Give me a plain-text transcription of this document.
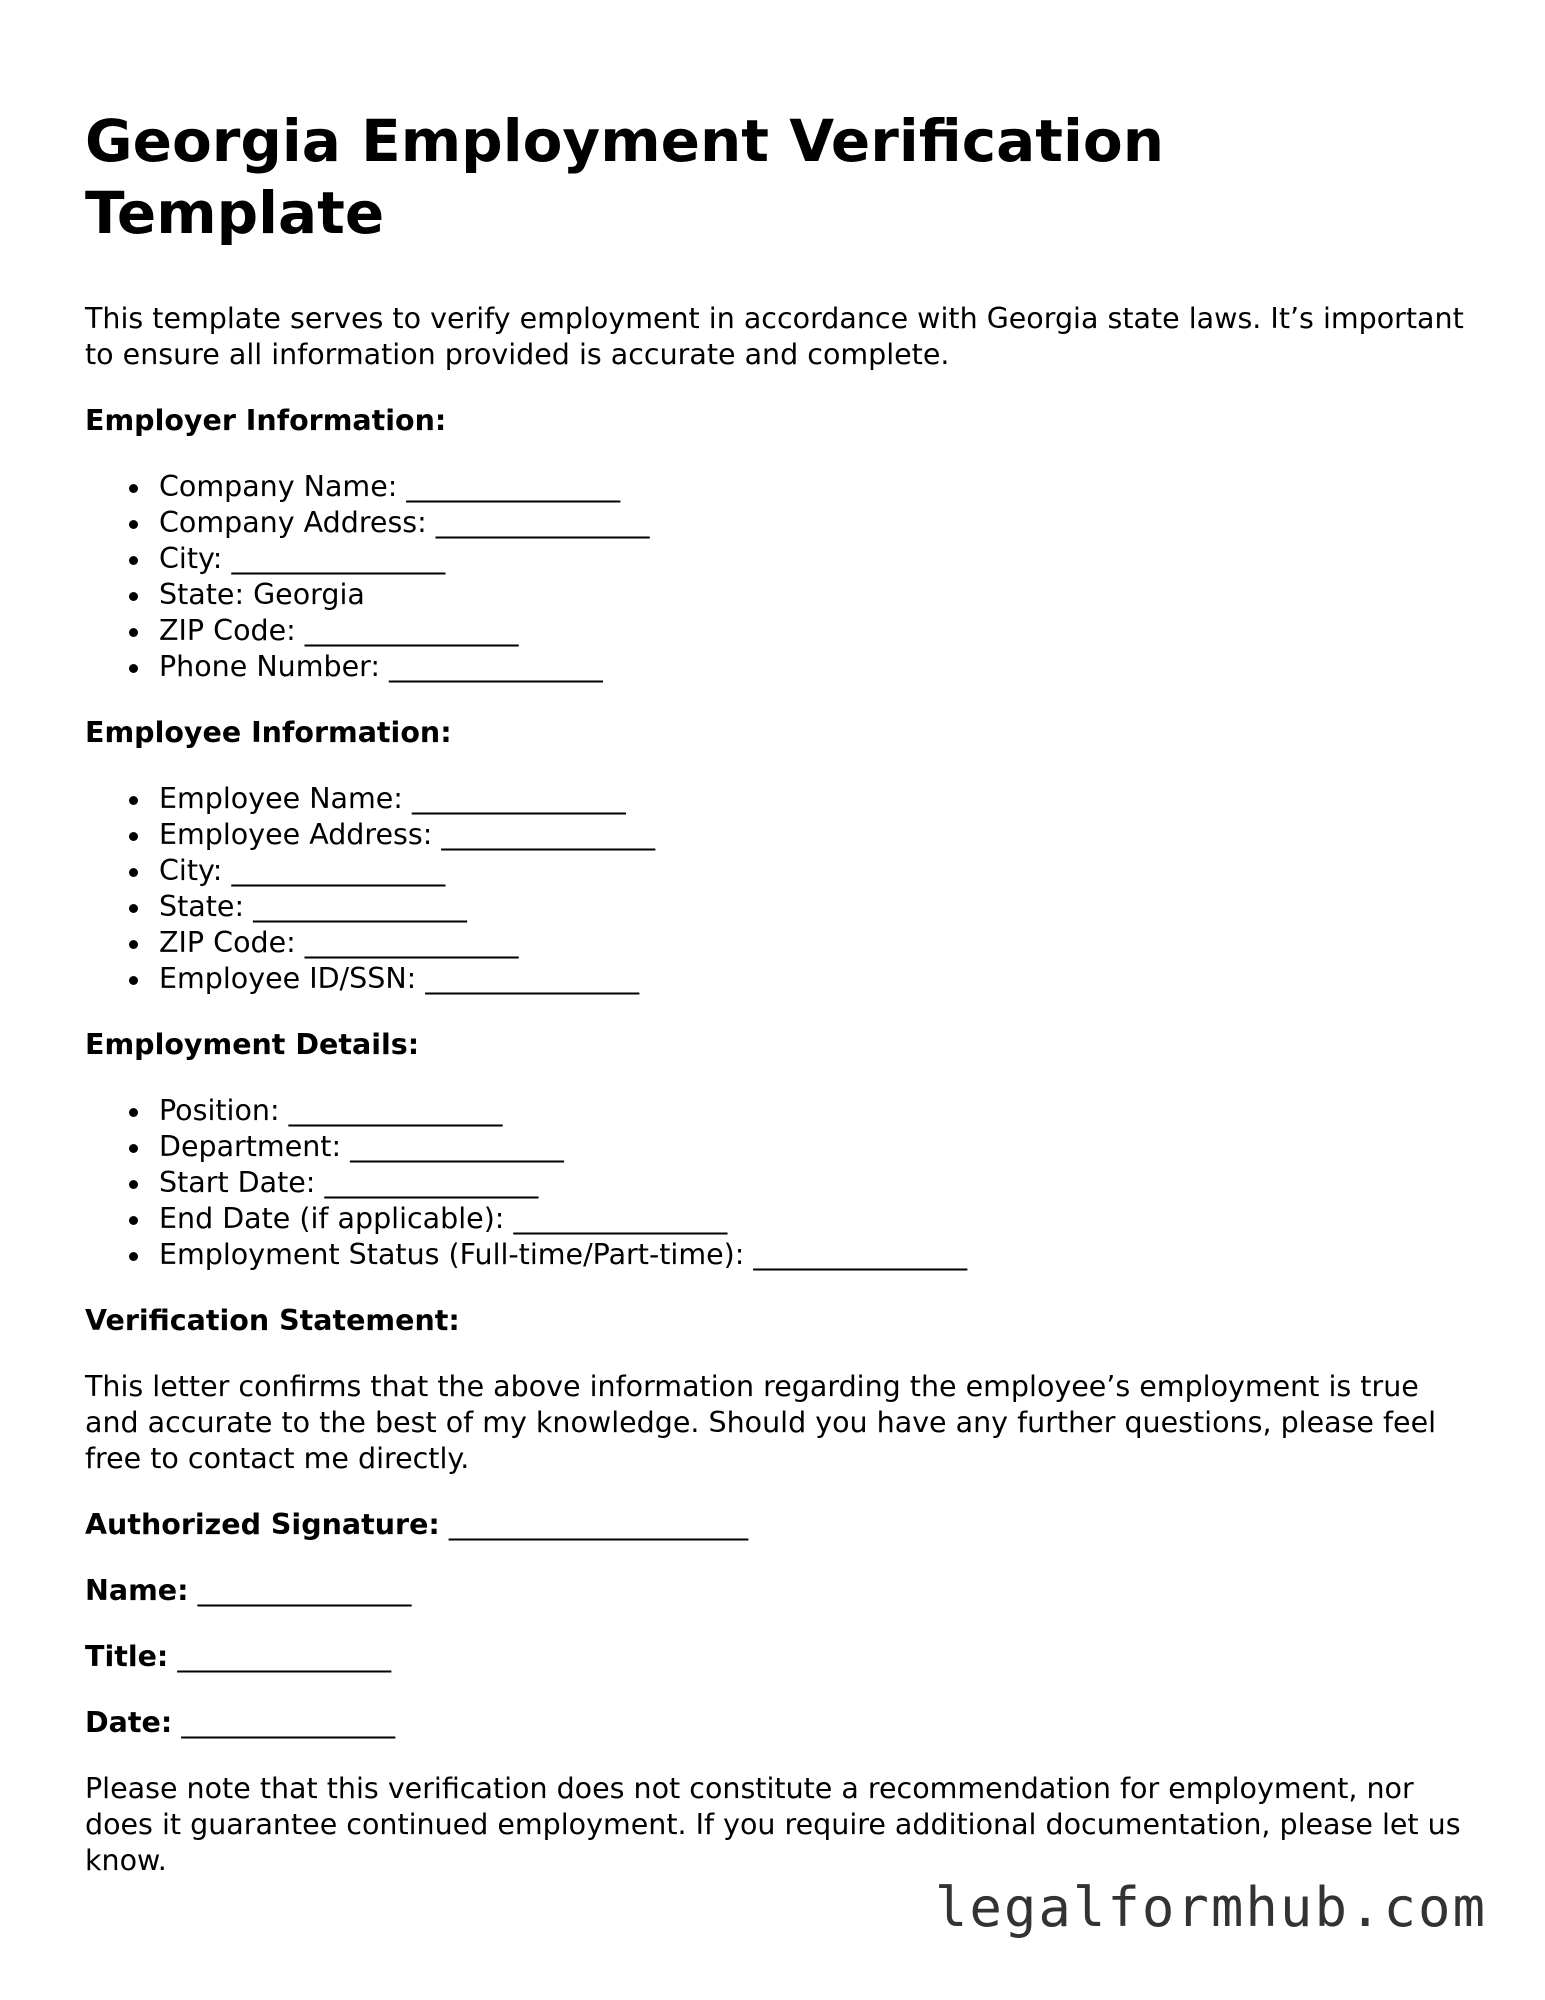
Georgia Employment Verification Template

This template serves to verify employment in accordance with Georgia state laws. It’s important to ensure all information provided is accurate and complete.

Employer Information:
Company Name: _______________
Company Address: _______________
City: _______________
State: Georgia
ZIP Code: _______________
Phone Number: _______________
Employee Information:
Employee Name: _______________
Employee Address: _______________
City: _______________
State: _______________
ZIP Code: _______________
Employee ID/SSN: _______________
Employment Details:
Position: _______________
Department: _______________
Start Date: _______________
End Date (if applicable): _______________
Employment Status (Full-time/Part-time): _______________
Verification Statement:

This letter confirms that the above information regarding the employee’s employment is true and accurate to the best of my knowledge. Should you have any further questions, please feel free to contact me directly.

Authorized Signature: _____________________
Name: _______________
Title: _______________
Date: _______________

Please note that this verification does not constitute a recommendation for employment, nor does it guarantee continued employment. If you require additional documentation, please let us know.

legalformhub.com
